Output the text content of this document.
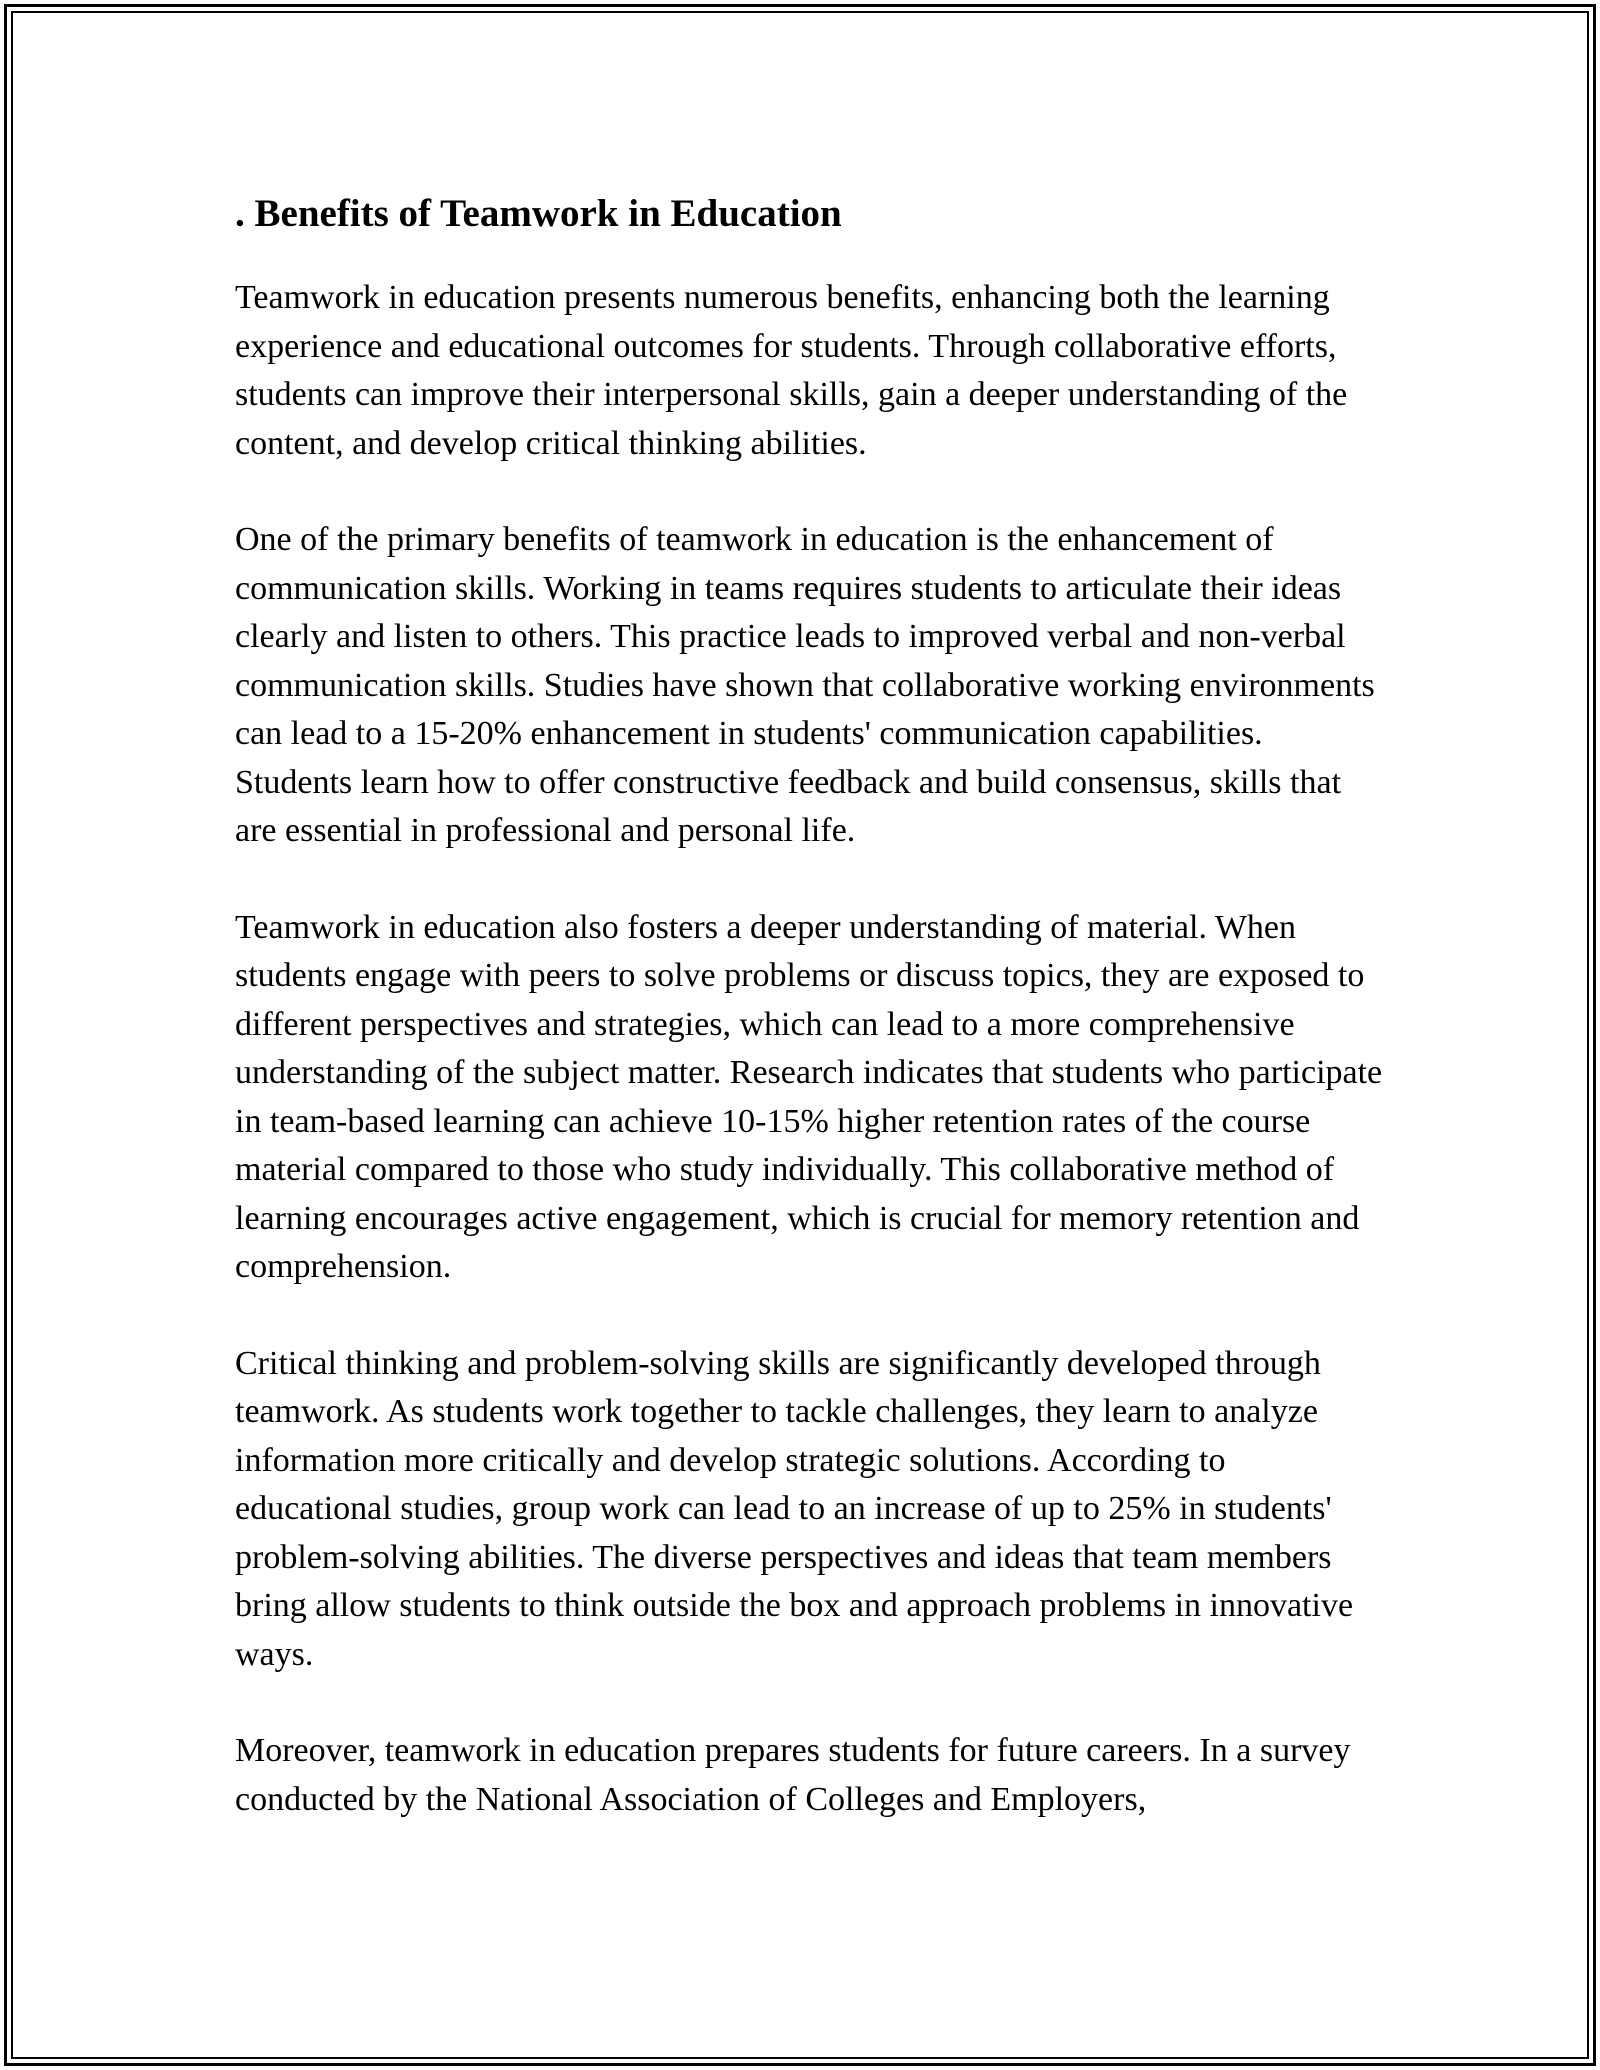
. Benefits of Teamwork in Education

Teamwork in education presents numerous benefits, enhancing both the learning experience and educational outcomes for students. Through collaborative efforts, students can improve their interpersonal skills, gain a deeper understanding of the content, and develop critical thinking abilities.

One of the primary benefits of teamwork in education is the enhancement of communication skills. Working in teams requires students to articulate their ideas clearly and listen to others. This practice leads to improved verbal and non-verbal communication skills. Studies have shown that collaborative working environments can lead to a 15-20% enhancement in students' communication capabilities. Students learn how to offer constructive feedback and build consensus, skills that are essential in professional and personal life.

Teamwork in education also fosters a deeper understanding of material. When students engage with peers to solve problems or discuss topics, they are exposed to different perspectives and strategies, which can lead to a more comprehensive understanding of the subject matter. Research indicates that students who participate in team-based learning can achieve 10-15% higher retention rates of the course material compared to those who study individually. This collaborative method of learning encourages active engagement, which is crucial for memory retention and comprehension.

Critical thinking and problem-solving skills are significantly developed through teamwork. As students work together to tackle challenges, they learn to analyze information more critically and develop strategic solutions. According to educational studies, group work can lead to an increase of up to 25% in students' problem-solving abilities. The diverse perspectives and ideas that team members bring allow students to think outside the box and approach problems in innovative ways.

Moreover, teamwork in education prepares students for future careers. In a survey conducted by the National Association of Colleges and Employers,
